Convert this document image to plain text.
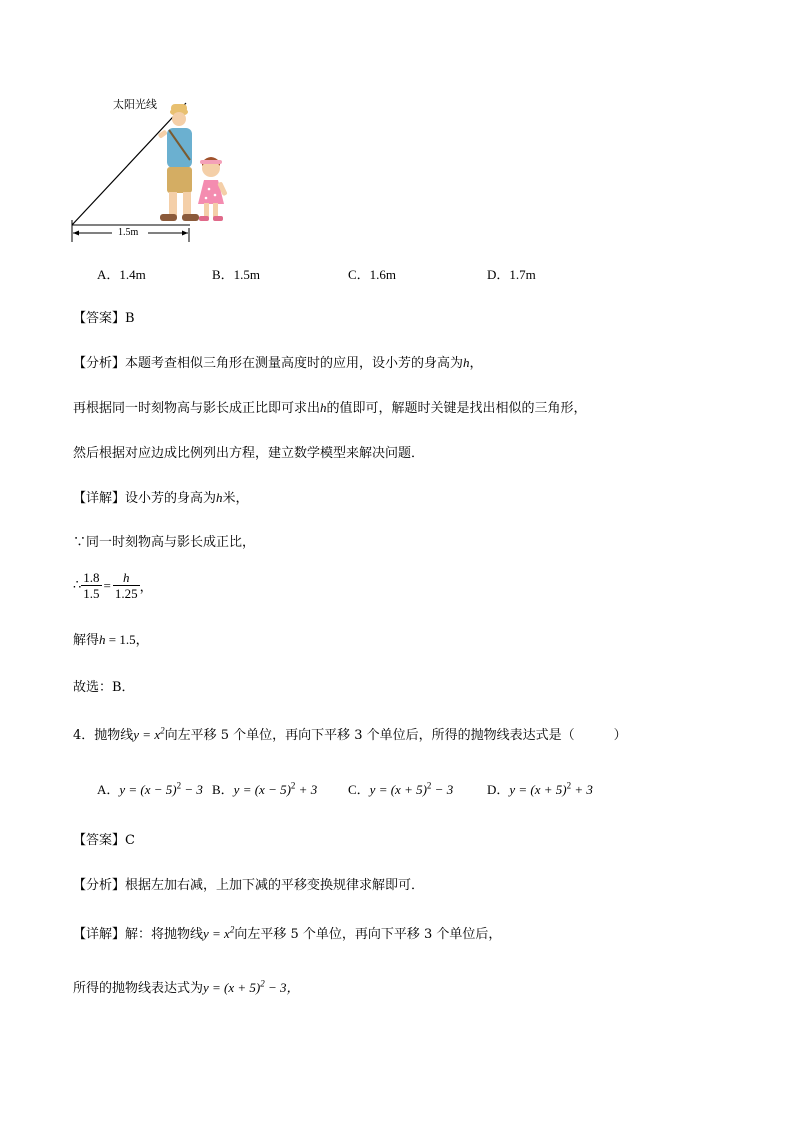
太阳光线
1.5m
A．1.4m	B．1.5m	C．1.6m	D．1.7m
【答案】B
【分析】本题考查相似三角形在测量高度时的应用，设小芳的身高为h，
再根据同一时刻物高与影长成正比即可求出h的值即可，解题时关键是找出相似的三角形，
然后根据对应边成比例列出方程，建立数学模型来解决问题．
【详解】设小芳的身高为h米，
∵同一时刻物高与影长成正比，
∴ $\frac{1.8}{1.5} = \frac{h}{1.25}$ ，
解得h = 1.5，
故选：B．
4．抛物线$y = x^2$向左平移 5 个单位，再向下平移 3 个单位后，所得的抛物线表达式是（　　　）
A．$y = (x - 5)^2 - 3$ B．$y = (x - 5)^2 + 3$ C．$y = (x + 5)^2 - 3$	D．$y = (x + 5)^2 + 3$
【答案】C
【分析】根据左加右减，上加下减的平移变换规律求解即可．
【详解】解：将抛物线$y = x^2$向左平移 5 个单位，再向下平移 3 个单位后，
所得的抛物线表达式为$y = (x + 5)^2 - 3$，
